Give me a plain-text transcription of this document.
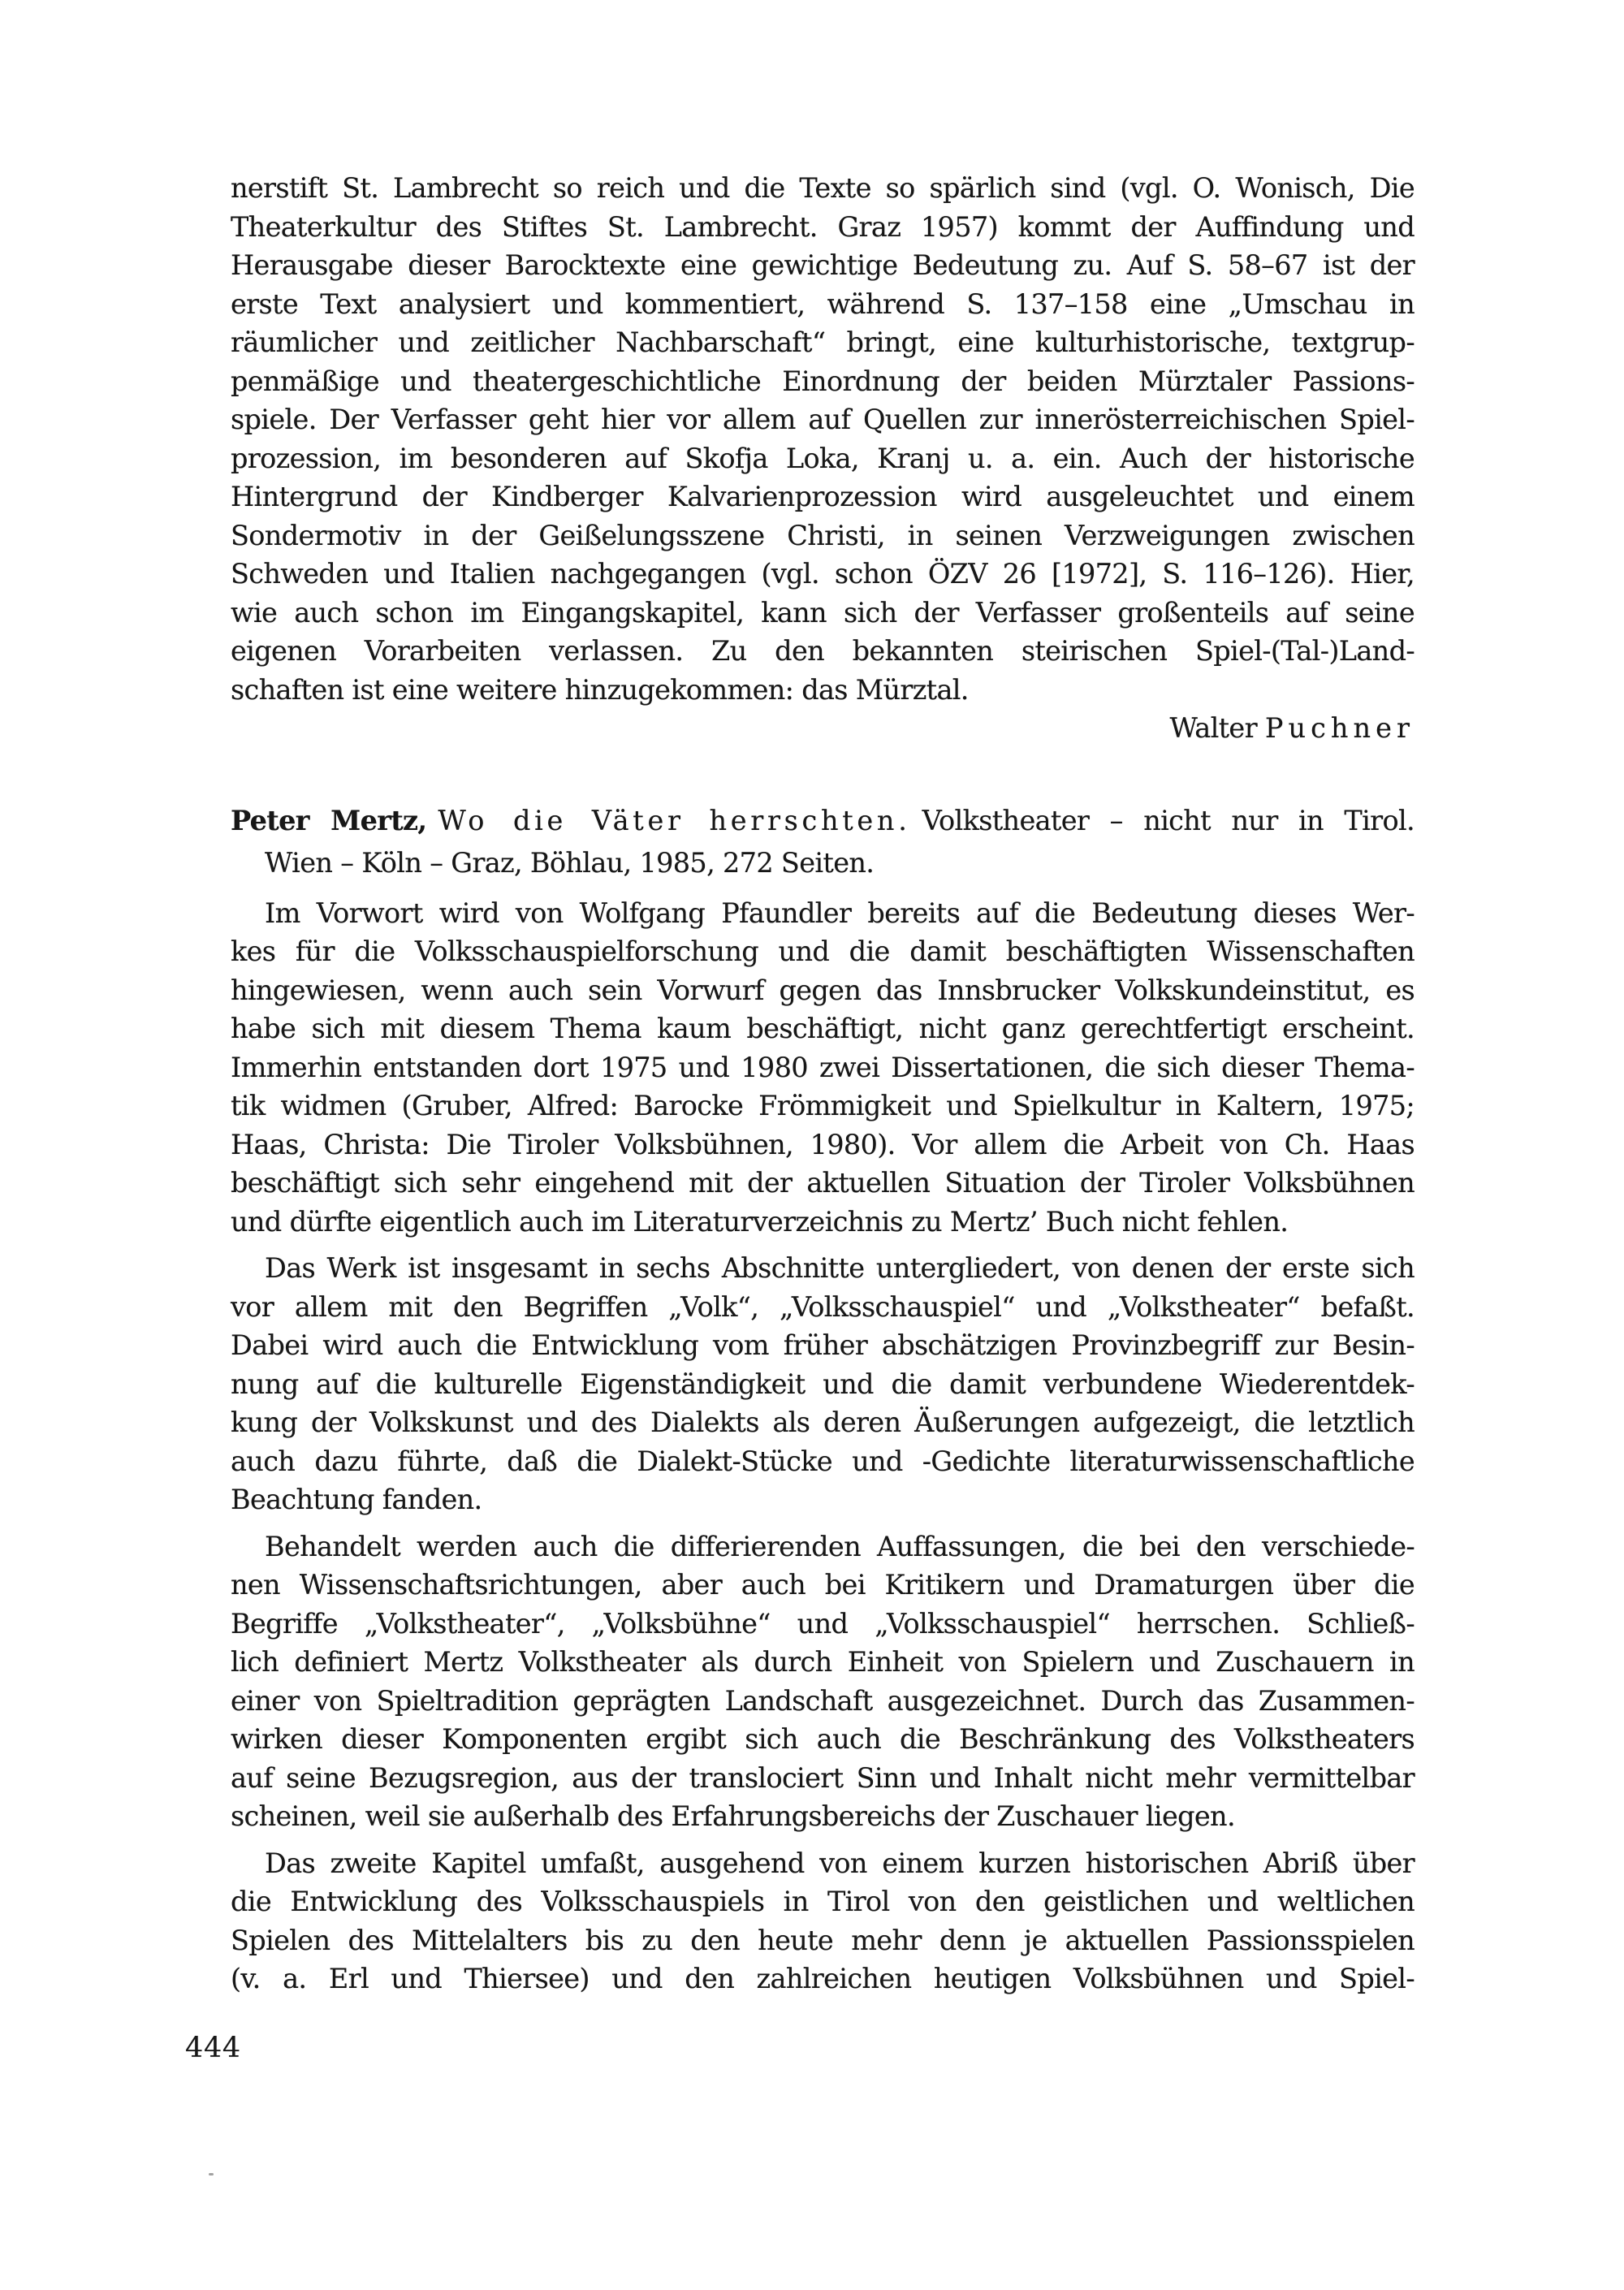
nerstift St. Lambrecht so reich und die Texte so spärlich sind (vgl. O. Wonisch, Die
Theaterkultur des Stiftes St. Lambrecht. Graz 1957) kommt der Auffindung und
Herausgabe dieser Barocktexte eine gewichtige Bedeutung zu. Auf S. 58–67 ist der
erste Text analysiert und kommentiert, während S. 137–158 eine „Umschau in
räumlicher und zeitlicher Nachbarschaft“ bringt, eine kulturhistorische, textgrup-
penmäßige und theatergeschichtliche Einordnung der beiden Mürztaler Passions-
spiele. Der Verfasser geht hier vor allem auf Quellen zur innerösterreichischen Spiel-
prozession, im besonderen auf Skofja Loka, Kranj u. a. ein. Auch der historische
Hintergrund der Kindberger Kalvarienprozession wird ausgeleuchtet und einem
Sondermotiv in der Geißelungsszene Christi, in seinen Verzweigungen zwischen
Schweden und Italien nachgegangen (vgl. schon ÖZV 26 [1972], S. 116–126). Hier,
wie auch schon im Eingangskapitel, kann sich der Verfasser großenteils auf seine
eigenen Vorarbeiten verlassen. Zu den bekannten steirischen Spiel-(Tal-)Land-
schaften ist eine weitere hinzugekommen: das Mürztal.
Walter Puchner
Peter Mertz, Wo die Väter herrschten. Volkstheater – nicht nur in Tirol.
Wien – Köln – Graz, Böhlau, 1985, 272 Seiten.
Im Vorwort wird von Wolfgang Pfaundler bereits auf die Bedeutung dieses Wer-
kes für die Volksschauspielforschung und die damit beschäftigten Wissenschaften
hingewiesen, wenn auch sein Vorwurf gegen das Innsbrucker Volkskundeinstitut, es
habe sich mit diesem Thema kaum beschäftigt, nicht ganz gerechtfertigt erscheint.
Immerhin entstanden dort 1975 und 1980 zwei Dissertationen, die sich dieser Thema-
tik widmen (Gruber, Alfred: Barocke Frömmigkeit und Spielkultur in Kaltern, 1975;
Haas, Christa: Die Tiroler Volksbühnen, 1980). Vor allem die Arbeit von Ch. Haas
beschäftigt sich sehr eingehend mit der aktuellen Situation der Tiroler Volksbühnen
und dürfte eigentlich auch im Literaturverzeichnis zu Mertz’ Buch nicht fehlen.
Das Werk ist insgesamt in sechs Abschnitte untergliedert, von denen der erste sich
vor allem mit den Begriffen „Volk“, „Volksschauspiel“ und „Volkstheater“ befaßt.
Dabei wird auch die Entwicklung vom früher abschätzigen Provinzbegriff zur Besin-
nung auf die kulturelle Eigenständigkeit und die damit verbundene Wiederentdek-
kung der Volkskunst und des Dialekts als deren Äußerungen aufgezeigt, die letztlich
auch dazu führte, daß die Dialekt-Stücke und -Gedichte literaturwissenschaftliche
Beachtung fanden.
Behandelt werden auch die differierenden Auffassungen, die bei den verschiede-
nen Wissenschaftsrichtungen, aber auch bei Kritikern und Dramaturgen über die
Begriffe „Volkstheater“, „Volksbühne“ und „Volksschauspiel“ herrschen. Schließ-
lich definiert Mertz Volkstheater als durch Einheit von Spielern und Zuschauern in
einer von Spieltradition geprägten Landschaft ausgezeichnet. Durch das Zusammen-
wirken dieser Komponenten ergibt sich auch die Beschränkung des Volkstheaters
auf seine Bezugsregion, aus der translociert Sinn und Inhalt nicht mehr vermittelbar
scheinen, weil sie außerhalb des Erfahrungsbereichs der Zuschauer liegen.
Das zweite Kapitel umfaßt, ausgehend von einem kurzen historischen Abriß über
die Entwicklung des Volksschauspiels in Tirol von den geistlichen und weltlichen
Spielen des Mittelalters bis zu den heute mehr denn je aktuellen Passionsspielen
(v. a. Erl und Thiersee) und den zahlreichen heutigen Volksbühnen und Spiel-
444
